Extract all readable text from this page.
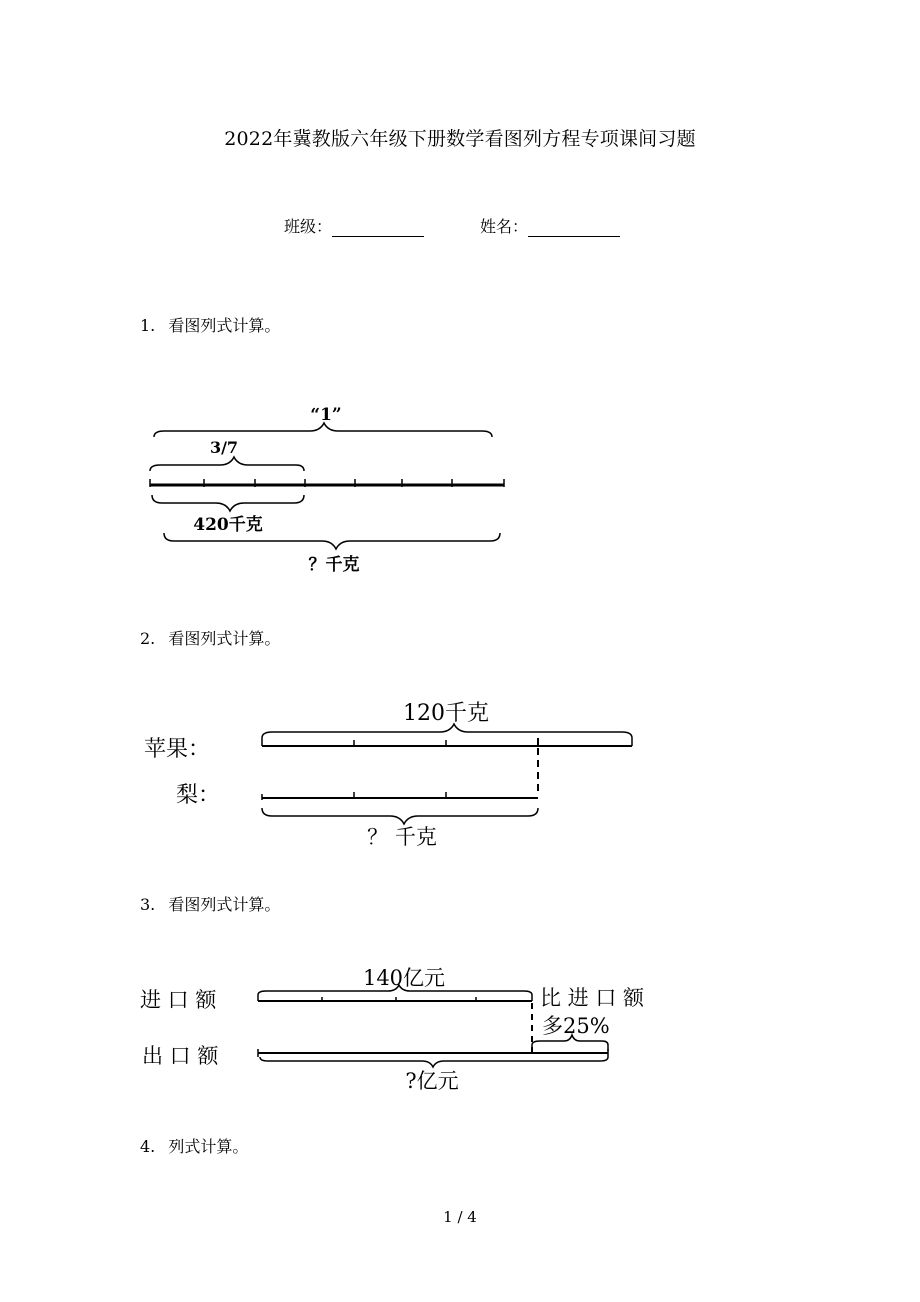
2022年冀教版六年级下册数学看图列方程专项课间习题
班级：	姓名：
1. 看图列式计算。
“1”
3/7
420千克
？千克
2. 看图列式计算。
苹果：
梨：
120千克
？ 千克
3. 看图列式计算。
进 口 额
出 口 额
140亿元
比 进 口 额
多25%
?亿元
4. 列式计算。
1 / 4
